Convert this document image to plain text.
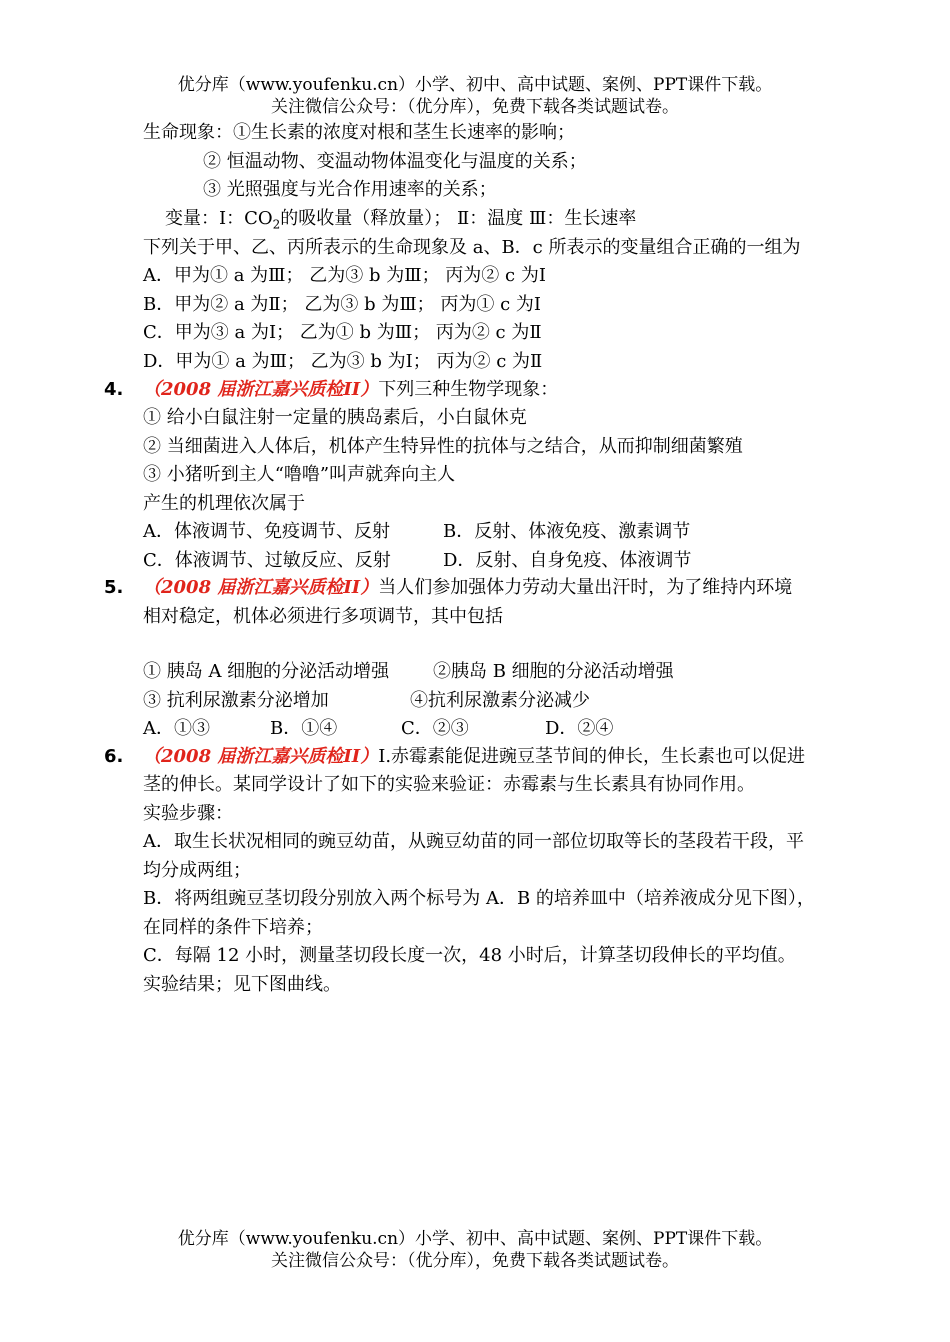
优分库（www.youfenku.cn）小学、初中、高中试题、案例、PPT课件下载。
关注微信公众号：（优分库），免费下载各类试题试卷。
生命现象：①生长素的浓度对根和茎生长速率的影响；
② 恒温动物、变温动物体温变化与温度的关系；
③ 光照强度与光合作用速率的关系；
变量：Ⅰ：$CO_2$的吸收量（释放量）； Ⅱ：温度 Ⅲ：生长速率
下列关于甲、乙、丙所表示的生命现象及 a、B．c 所表示的变量组合正确的一组为
A．甲为① a 为Ⅲ； 乙为③ b 为Ⅲ； 丙为② c 为Ⅰ
B．甲为② a 为Ⅱ； 乙为③ b 为Ⅲ； 丙为① c 为Ⅰ
C．甲为③ a 为Ⅰ； 乙为① b 为Ⅲ； 丙为② c 为Ⅱ
D．甲为① a 为Ⅲ； 乙为③ b 为Ⅰ； 丙为② c 为Ⅱ
4. （2008 届浙江嘉兴质检II）下列三种生物学现象：
① 给小白鼠注射一定量的胰岛素后，小白鼠休克
② 当细菌进入人体后，机体产生特异性的抗体与之结合，从而抑制细菌繁殖
③ 小猪听到主人“噜噜”叫声就奔向主人
产生的机理依次属于
A．体液调节、免疫调节、反射	B．反射、体液免疫、激素调节
C．体液调节、过敏反应、反射	D．反射、自身免疫、体液调节
5. （2008 届浙江嘉兴质检II）当人们参加强体力劳动大量出汗时，为了维持内环境
相对稳定，机体必须进行多项调节，其中包括
① 胰岛 A 细胞的分泌活动增强 ②胰岛 B 细胞的分泌活动增强
③ 抗利尿激素分泌增加	④抗利尿激素分泌减少
A．①③	B．①④	C．②③	D．②④
6. （2008 届浙江嘉兴质检II）Ⅰ.赤霉素能促进豌豆茎节间的伸长，生长素也可以促进
茎的伸长。某同学设计了如下的实验来验证：赤霉素与生长素具有协同作用。
实验步骤：
A．取生长状况相同的豌豆幼苗，从豌豆幼苗的同一部位切取等长的茎段若干段，平
均分成两组；
B．将两组豌豆茎切段分别放入两个标号为 A．B 的培养皿中（培养液成分见下图），
在同样的条件下培养；
C．每隔 12 小时，测量茎切段长度一次，48 小时后，计算茎切段伸长的平均值。
实验结果；见下图曲线。
优分库（www.youfenku.cn）小学、初中、高中试题、案例、PPT课件下载。
关注微信公众号：（优分库），免费下载各类试题试卷。
